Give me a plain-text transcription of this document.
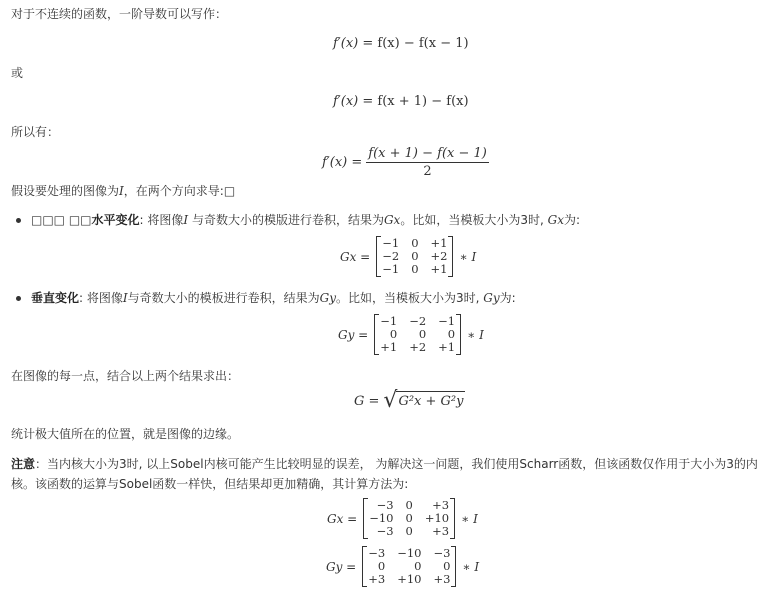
对于不连续的函数，一阶导数可以写作：
f′(x) = f(x) − f(x − 1)
或
f′(x) = f(x + 1) − f(x)
所以有：
$f'(x) = \frac{f(x + 1) - f(x - 1)}{2}$
假设要处理的图像为I，在两个方向求导:□
□□□ □□水平变化: 将图像I 与奇数大小的模版进行卷积，结果为Gx。比如，当模板大小为3时, Gx为:
Gx =
−1 0 +1
−2 0 +2
−1 0 +1
∗ I
垂直变化: 将图像I与奇数大小的模板进行卷积，结果为Gy。比如，当模板大小为3时, Gy为:
Gy =
−1 −2 −1
0	0	0
+1 +2 +1
∗ I
在图像的每一点，结合以上两个结果求出：
G = √ G²x + G²y
统计极大值所在的位置，就是图像的边缘。
注意：当内核大小为3时, 以上Sobel内核可能产生比较明显的误差， 为解决这一问题，我们使用Scharr函数，但该函数仅作用于大小为3的内核。该函数的运算与Sobel函数一样快，但结果却更加精确，其计算方法为:
Gx =
−3 0	+3
−10 0 +10
−3 0	+3
∗ I
Gy =
−3 −10 −3
0	0	0
+3 +10 +3
∗ I
